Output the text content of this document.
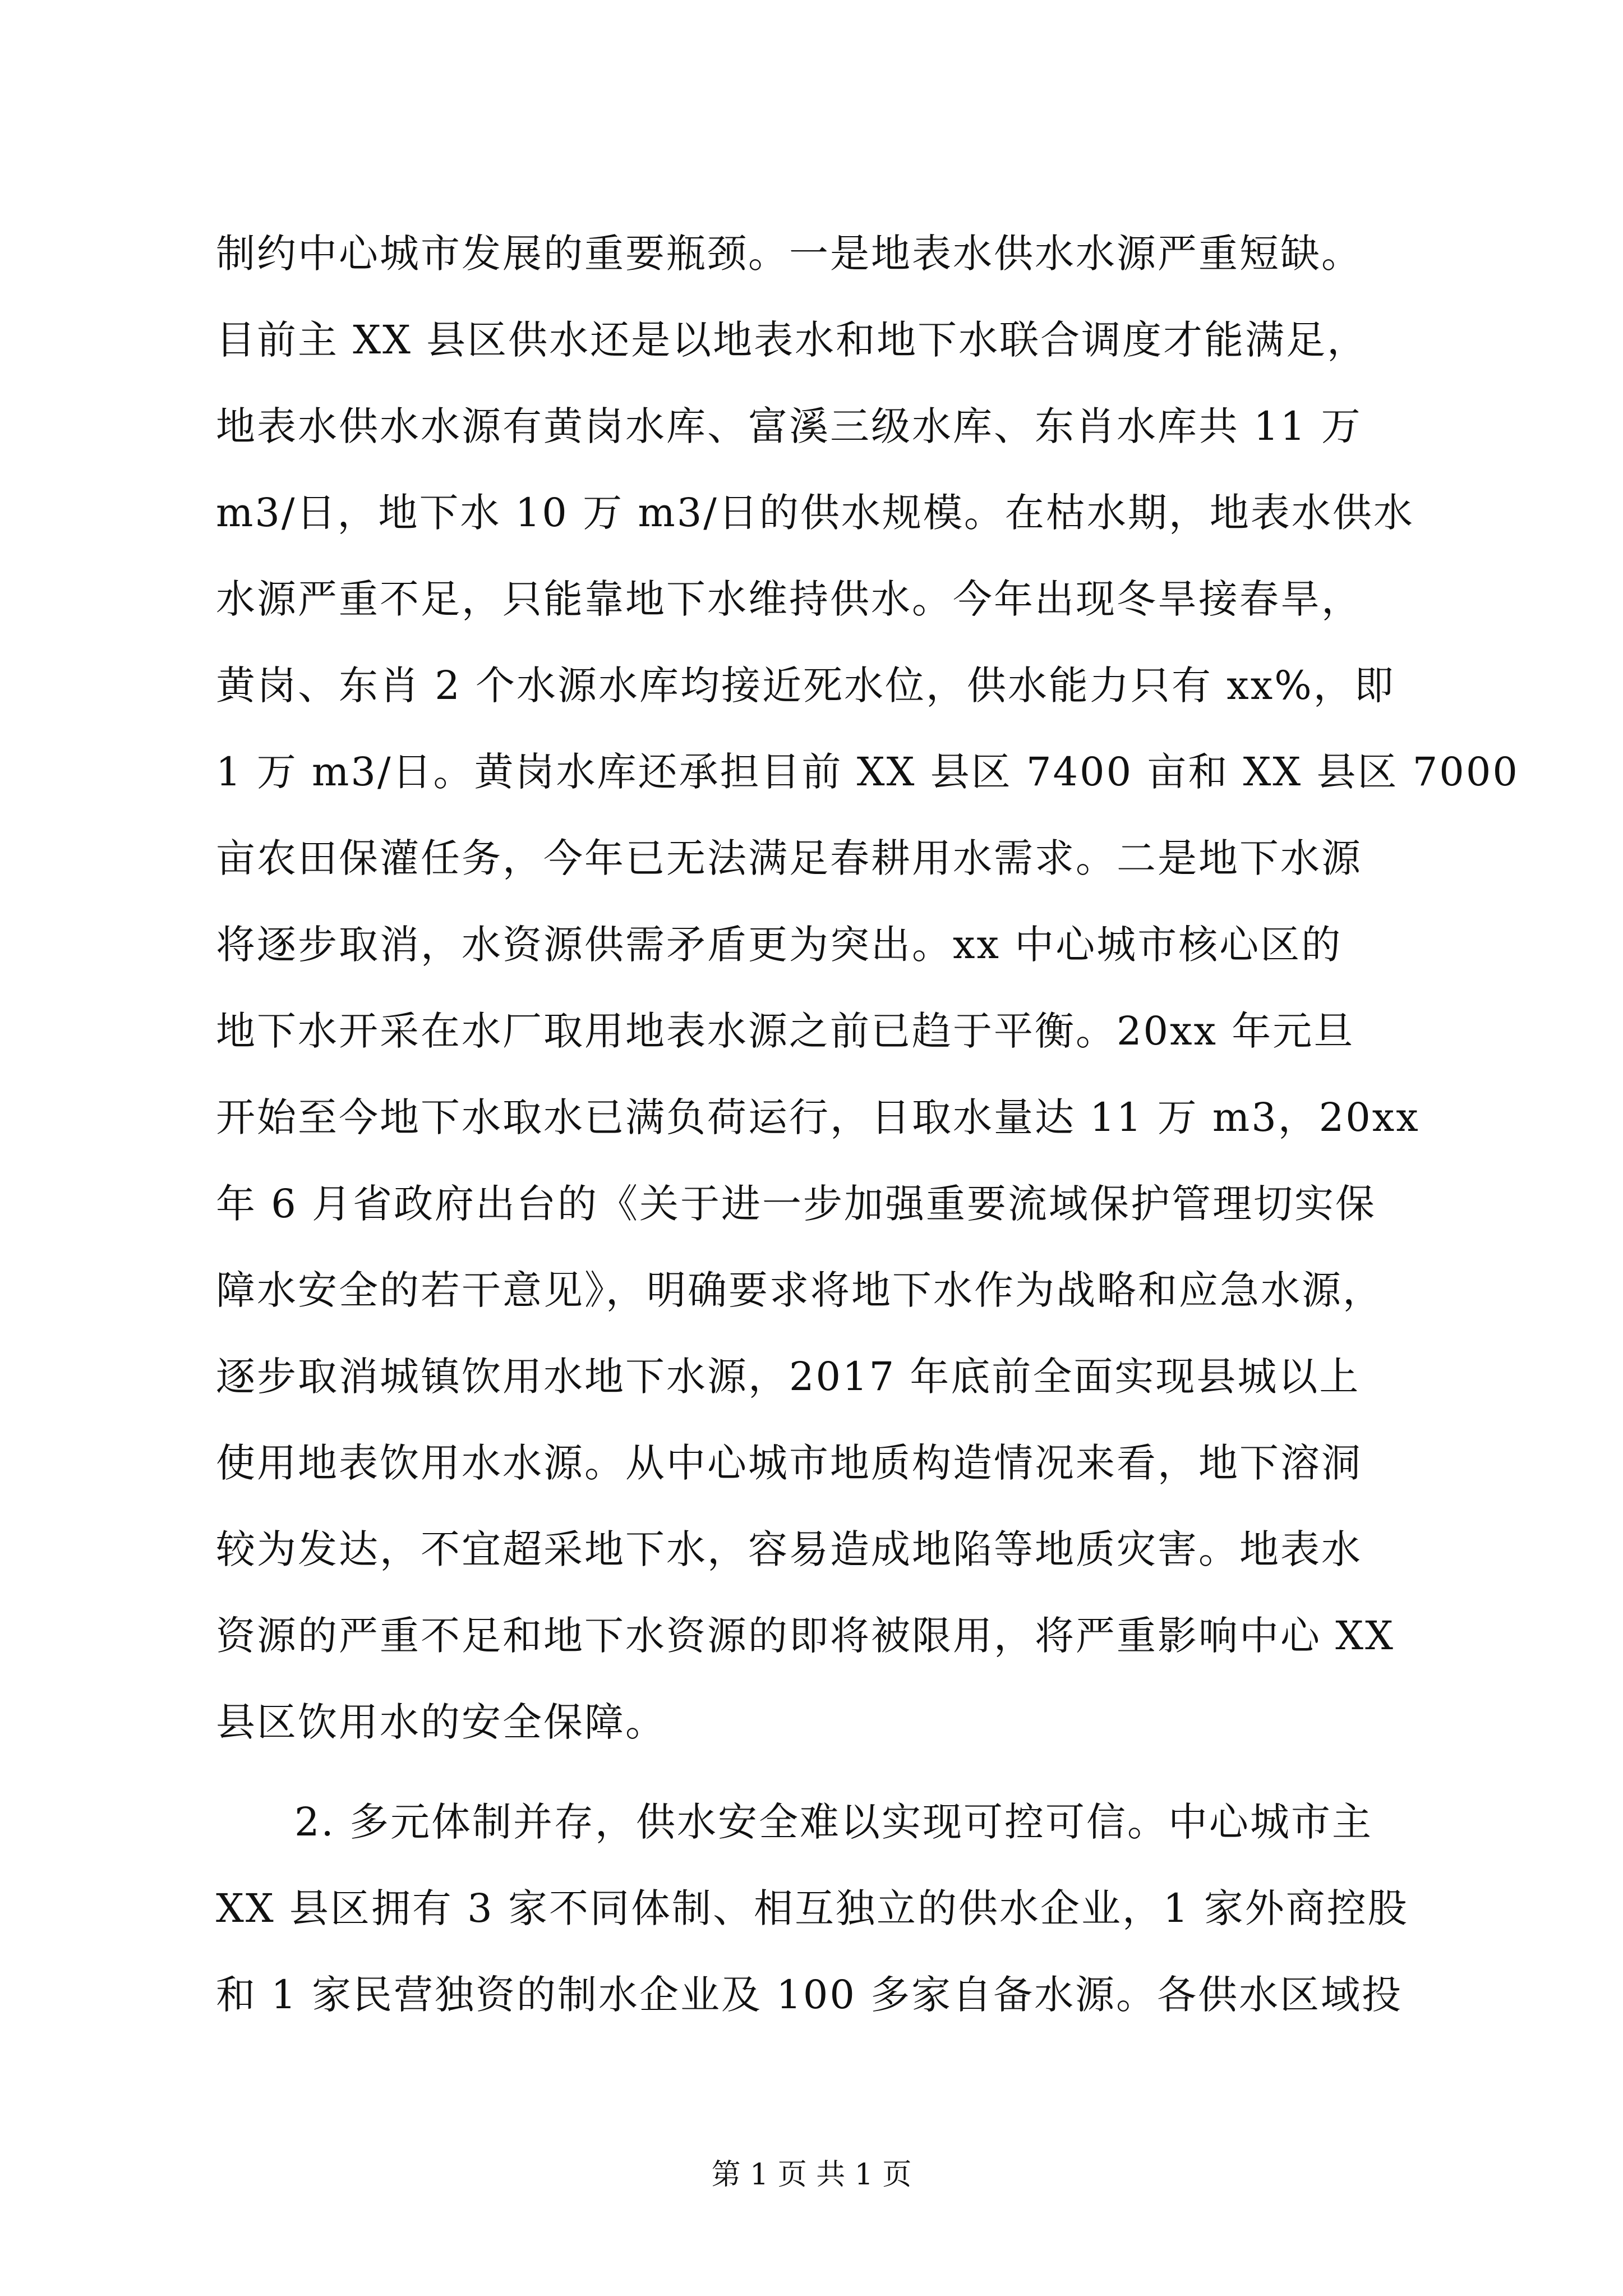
制约中心城市发展的重要瓶颈。一是地表水供水水源严重短缺。
目前主 XX 县区供水还是以地表水和地下水联合调度才能满足，
地表水供水水源有黄岗水库、富溪三级水库、东肖水库共 11 万
m3/日，地下水 10 万 m3/日的供水规模。在枯水期，地表水供水
水源严重不足，只能靠地下水维持供水。今年出现冬旱接春旱，
黄岗、东肖 2 个水源水库均接近死水位，供水能力只有 xx%，即
1 万 m3/日。黄岗水库还承担目前 XX 县区 7400 亩和 XX 县区 7000
亩农田保灌任务，今年已无法满足春耕用水需求。二是地下水源
将逐步取消，水资源供需矛盾更为突出。xx 中心城市核心区的
地下水开采在水厂取用地表水源之前已趋于平衡。20xx 年元旦
开始至今地下水取水已满负荷运行，日取水量达 11 万 m3，20xx
年 6 月省政府出台的《关于进一步加强重要流域保护管理切实保
障水安全的若干意见》，明确要求将地下水作为战略和应急水源，
逐步取消城镇饮用水地下水源，2017 年底前全面实现县城以上
使用地表饮用水水源。从中心城市地质构造情况来看，地下溶洞
较为发达，不宜超采地下水，容易造成地陷等地质灾害。地表水
资源的严重不足和地下水资源的即将被限用，将严重影响中心 XX
县区饮用水的安全保障。
2. 多元体制并存，供水安全难以实现可控可信。中心城市主
XX 县区拥有 3 家不同体制、相互独立的供水企业，1 家外商控股
和 1 家民营独资的制水企业及 100 多家自备水源。各供水区域投
第 1 页 共 1 页
